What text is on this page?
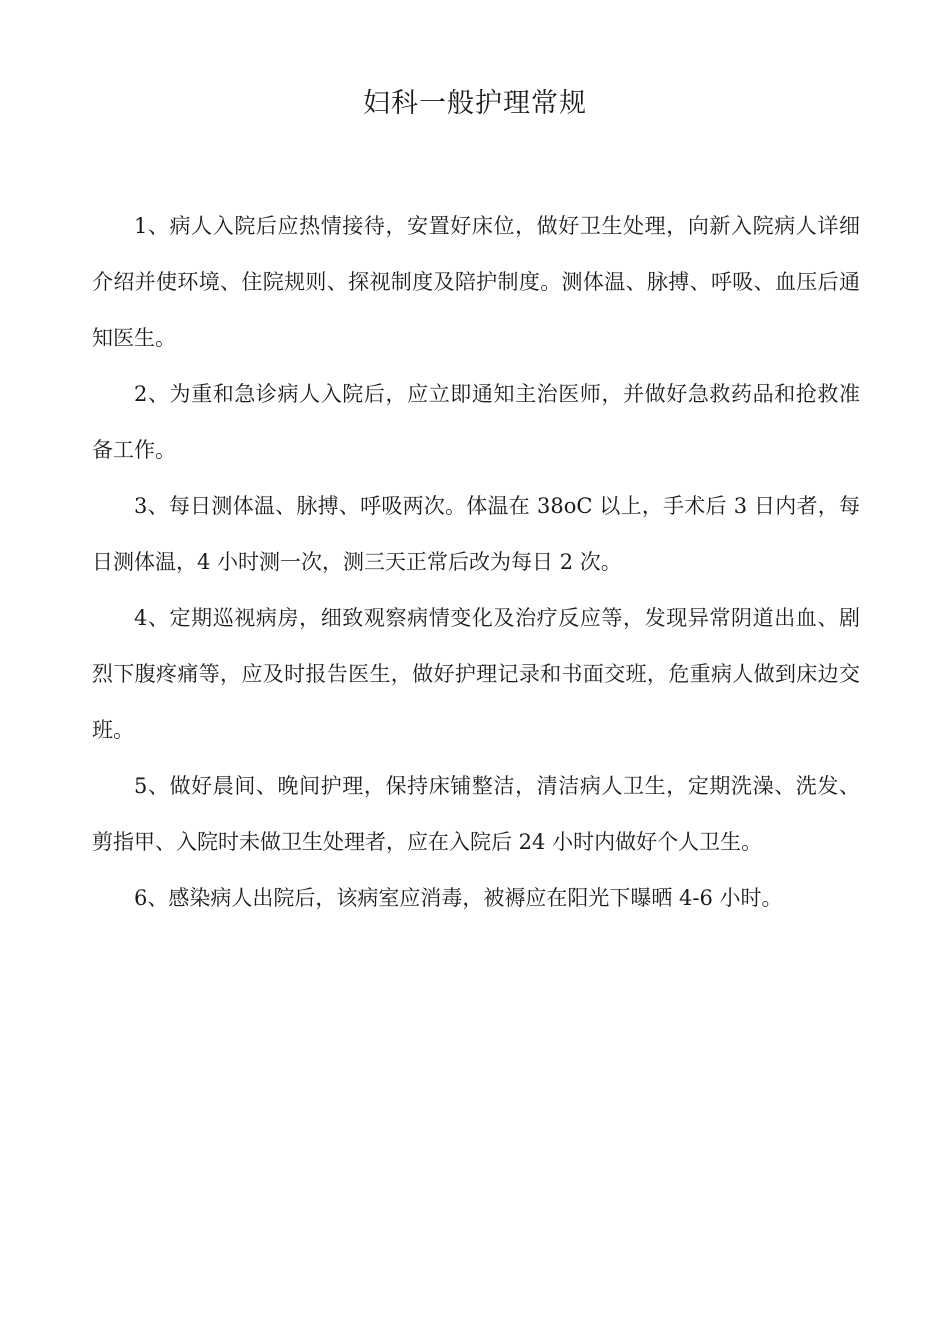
妇科一般护理常规

1、病人入院后应热情接待，安置好床位，做好卫生处理，向新入院病人详细介绍并使环境、住院规则、探视制度及陪护制度。测体温、脉搏、呼吸、血压后通知医生。

2、为重和急诊病人入院后，应立即通知主治医师，并做好急救药品和抢救准备工作。

3、每日测体温、脉搏、呼吸两次。体温在 38oC 以上，手术后 3 日内者，每日测体温，4 小时测一次，测三天正常后改为每日 2 次。

4、定期巡视病房，细致观察病情变化及治疗反应等，发现异常阴道出血、剧烈下腹疼痛等，应及时报告医生，做好护理记录和书面交班，危重病人做到床边交班。

5、做好晨间、晚间护理，保持床铺整洁，清洁病人卫生，定期洗澡、洗发、剪指甲、入院时未做卫生处理者，应在入院后 24 小时内做好个人卫生。

6、感染病人出院后，该病室应消毒，被褥应在阳光下曝晒 4-6 小时。
